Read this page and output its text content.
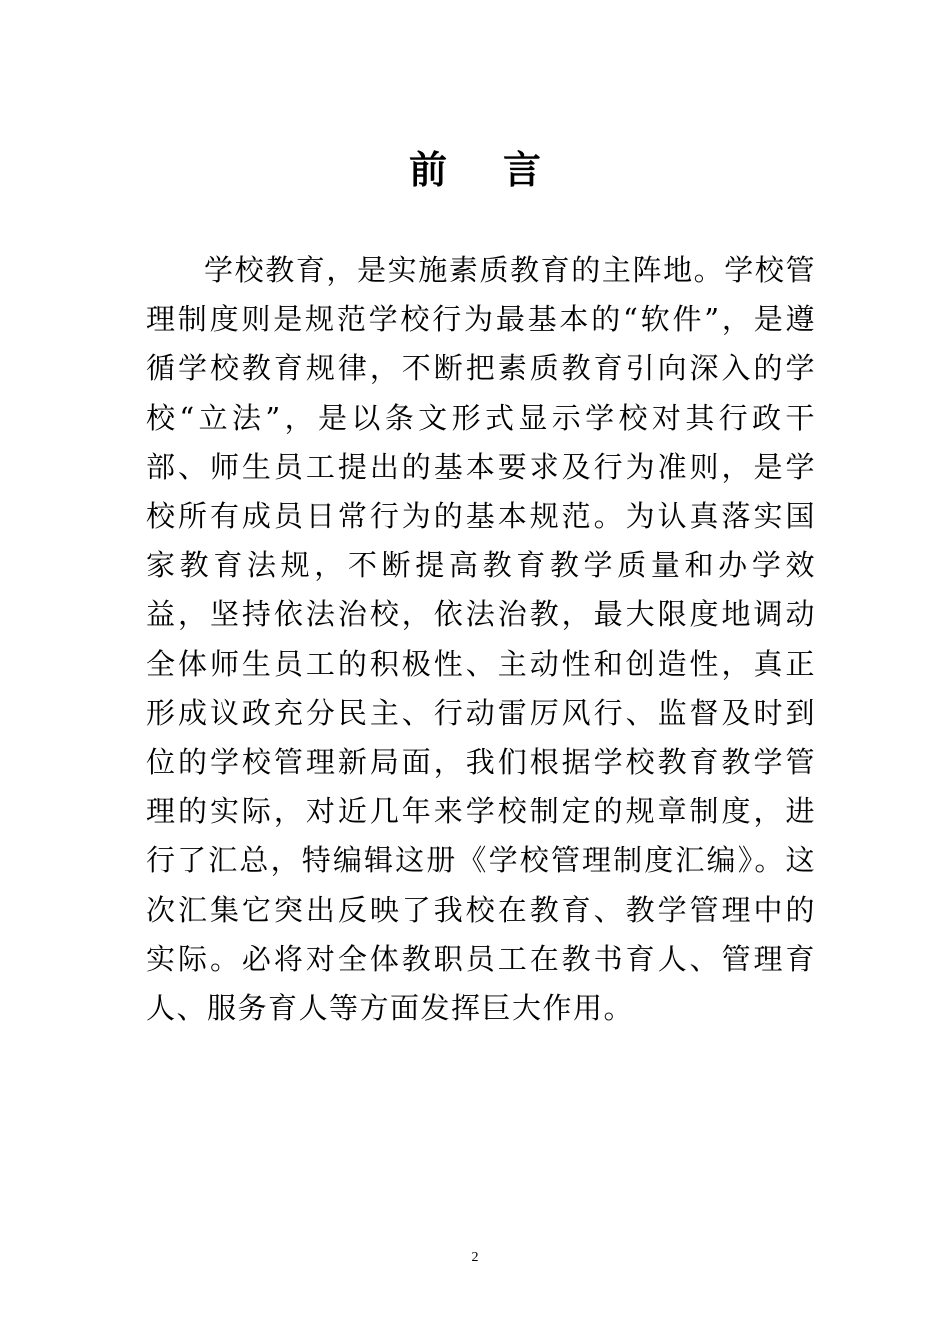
前言

学校教育，是实施素质教育的主阵地。学校管理制度则是规范学校行为最基本的“软件”，是遵循学校教育规律，不断把素质教育引向深入的学校“立法”，是以条文形式显示学校对其行政干部、师生员工提出的基本要求及行为准则，是学校所有成员日常行为的基本规范。为认真落实国家教育法规，不断提高教育教学质量和办学效益，坚持依法治校，依法治教，最大限度地调动全体师生员工的积极性、主动性和创造性，真正形成议政充分民主、行动雷厉风行、监督及时到位的学校管理新局面，我们根据学校教育教学管理的实际，对近几年来学校制定的规章制度，进行了汇总，特编辑这册《学校管理制度汇编》。这次汇集它突出反映了我校在教育、教学管理中的实际。必将对全体教职员工在教书育人、管理育人、服务育人等方面发挥巨大作用。

2
